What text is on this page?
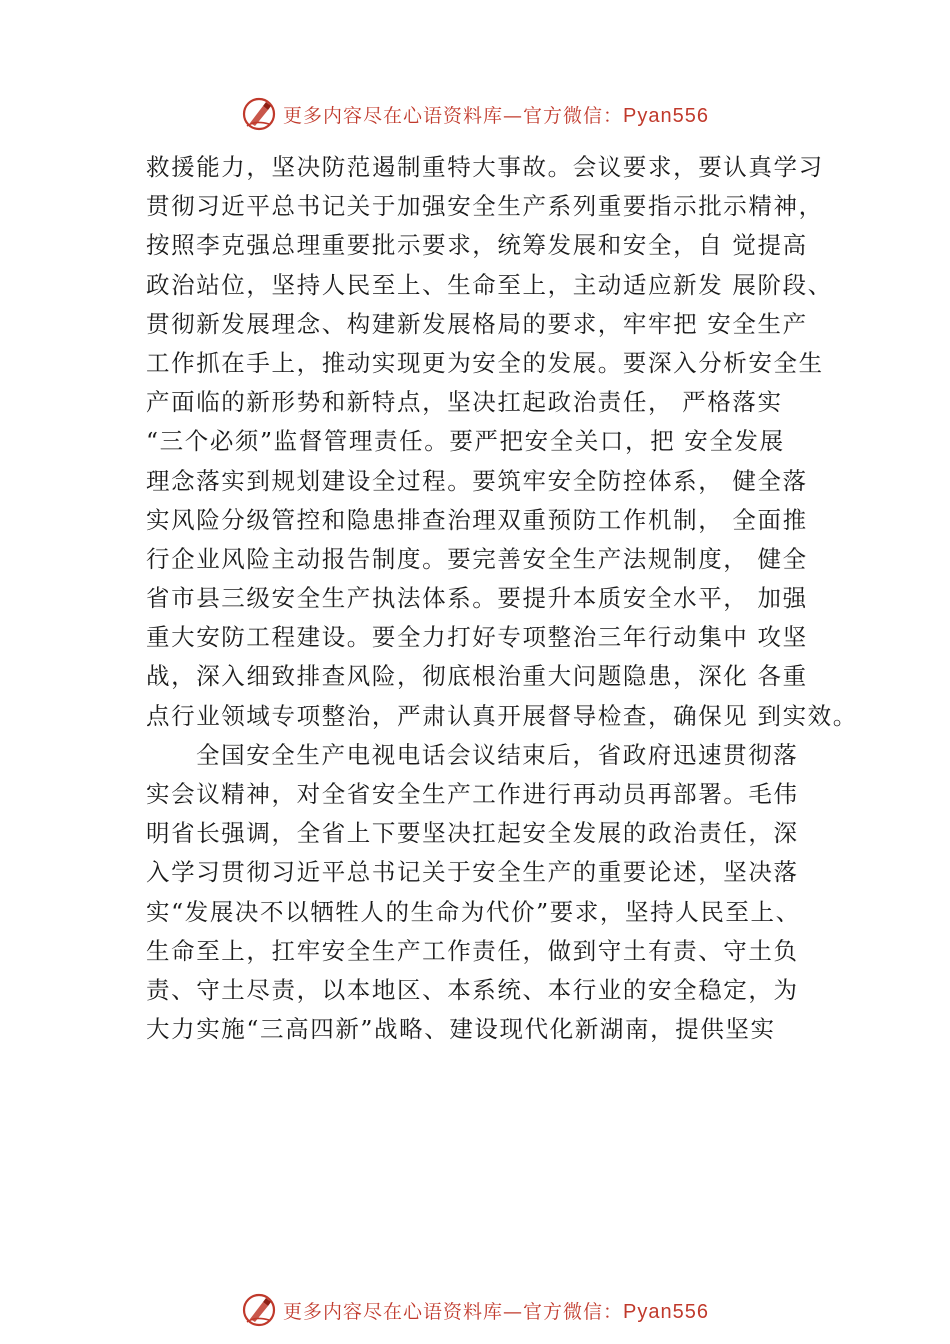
更多内容尽在心语资料库—官方微信：Pyan556
救援能力，坚决防范遏制重特大事故。会议要求，要认真学习
贯彻习近平总书记关于加强安全生产系列重要指示批示精神，
按照李克强总理重要批示要求，统筹发展和安全，自 觉提高
政治站位，坚持人民至上、生命至上，主动适应新发 展阶段、
贯彻新发展理念、构建新发展格局的要求，牢牢把 安全生产
工作抓在手上，推动实现更为安全的发展。要深入分析安全生
产面临的新形势和新特点，坚决扛起政治责任， 严格落实
“三个必须”监督管理责任。要严把安全关口，把 安全发展
理念落实到规划建设全过程。要筑牢安全防控体系， 健全落
实风险分级管控和隐患排查治理双重预防工作机制， 全面推
行企业风险主动报告制度。要完善安全生产法规制度， 健全
省市县三级安全生产执法体系。要提升本质安全水平， 加强
重大安防工程建设。要全力打好专项整治三年行动集中 攻坚
战，深入细致排查风险，彻底根治重大问题隐患，深化 各重
点行业领域专项整治，严肃认真开展督导检查，确保见 到实效。
全国安全生产电视电话会议结束后，省政府迅速贯彻落
实会议精神，对全省安全生产工作进行再动员再部署。毛伟
明省长强调，全省上下要坚决扛起安全发展的政治责任，深
入学习贯彻习近平总书记关于安全生产的重要论述，坚决落
实“发展决不以牺牲人的生命为代价”要求，坚持人民至上、
生命至上，扛牢安全生产工作责任，做到守土有责、守土负
责、守土尽责，以本地区、本系统、本行业的安全稳定，为
大力实施“三高四新”战略、建设现代化新湖南，提供坚实
更多内容尽在心语资料库—官方微信：Pyan556
